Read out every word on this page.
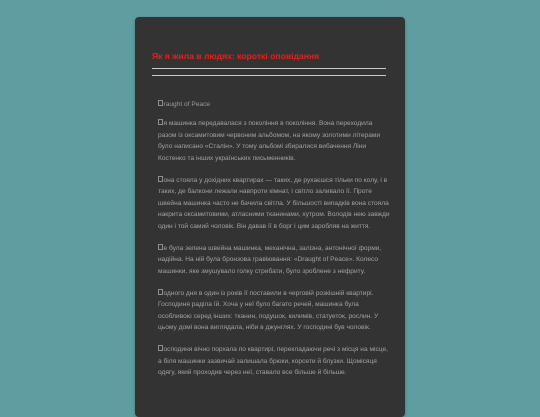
Як я жила в людях: короткі оповідання

raught of Peace

я машинка передавалася з покоління в покоління. Вона переходила разом із оксамитовим червоним альбомом, на якому золотими літерами було написано «Сталін». У тому альбомі збиралися вибачення Ліни Костенко та інших українських письменників.

она стояла у дохідних квартирах — таких, де рухаєшся тільки по колу, і в таких, де балкони лежали навпроти кімнат, і світло заливало її. Проте швейна машинка часто не бачила світла. У більшості випадків вона стояла накрита оксамитовими, атласними тканинами, хутром. Володів нею завжди один і той самий чоловік. Він давав її в борг і цим заробляв на життя.

е була зелена швейна машинка, механічна, залізна, антонічної форми, надійна. На ній була бронзова гравіювання: «Draught of Peace». Колесо машинки, яке змушувало голку стрибати, було зроблене з нефриту.

одного дня в один із років її поставили в черговій розкішній квартирі. Господиня раділа їй. Хоча у неї було багато речей, машинка була особливою серед інших: тканин, подушок, килимів, статуеток, рослин. У цьому домі вона виглядала, ніби в джунглях. У господині був чоловік.

осподиня вічно порхала по квартирі, перекладаючи речі з місця на місце, а біля машинки зазвичай залишала брюки, корсети й блузки. Щомісяця одягу, який проходив через неї, ставало все більше й більше.
